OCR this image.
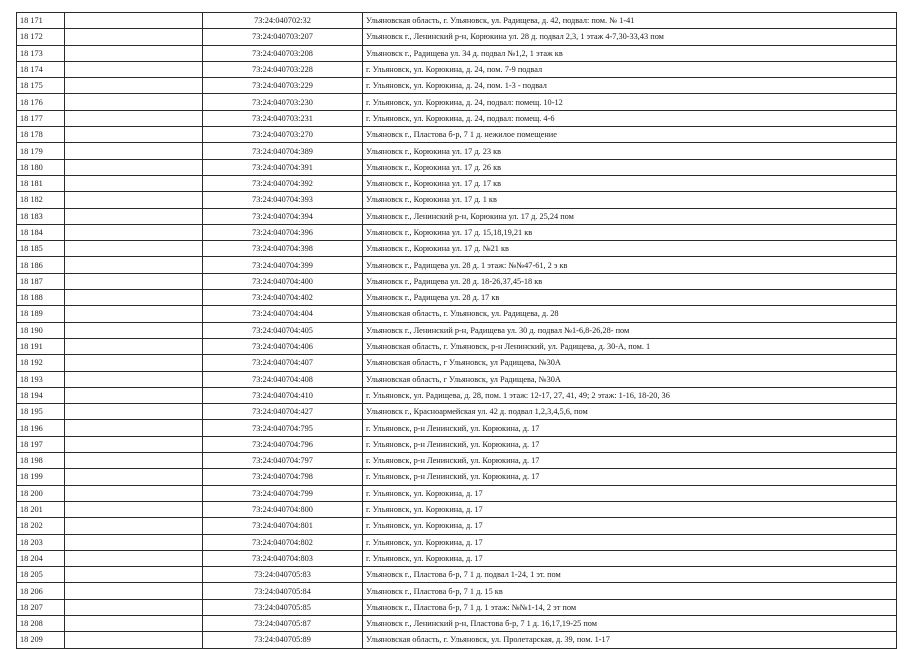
18 171		73:24:040702:32	Ульяновская область, г. Ульяновск, ул. Радищева, д. 42, подвал: пом. № 1-41
18 172		73:24:040703:207	Ульяновск г., Ленинский р-н, Корюкина ул. 28 д. подвал 2,3, 1 этаж 4-7,30-33,43 пом
18 173		73:24:040703:208	Ульяновск г., Радищева ул. 34 д. подвал №1,2, 1 этаж кв
18 174		73:24:040703:228	г. Ульяновск, ул. Корюкина, д. 24, пом. 7-9 подвал
18 175		73:24:040703:229	г. Ульяновск, ул. Корюкина, д. 24, пом. 1-3 - подвал
18 176		73:24:040703:230	г. Ульяновск, ул. Корюкина, д. 24, подвал: помещ. 10-12
18 177		73:24:040703:231	г. Ульяновск, ул. Корюкина, д. 24, подвал: помещ. 4-6
18 178		73:24:040703:270	Ульяновск г., Пластова б-р, 7 1 д. нежилое помещение
18 179		73:24:040704:389	Ульяновск г., Корюкина ул. 17 д. 23 кв
18 180		73:24:040704:391	Ульяновск г., Корюкина ул. 17 д. 26 кв
18 181		73:24:040704:392	Ульяновск г., Корюкина ул. 17 д. 17 кв
18 182		73:24:040704:393	Ульяновск г., Корюкина ул. 17 д. 1 кв
18 183		73:24:040704:394	Ульяновск г., Ленинский р-н, Корюкина ул. 17 д. 25,24 пом
18 184		73:24:040704:396	Ульяновск г., Корюкина ул. 17 д. 15,18,19,21 кв
18 185		73:24:040704:398	Ульяновск г., Корюкина ул. 17 д. №21 кв
18 186		73:24:040704:399	Ульяновск г., Радищева ул. 28 д. 1 этаж: №№47-61, 2 э кв
18 187		73:24:040704:400	Ульяновск г., Радищева ул. 28 д. 18-26,37,45-18 кв
18 188		73:24:040704:402	Ульяновск г., Радищева ул. 28 д. 17 кв
18 189		73:24:040704:404	Ульяновская область, г. Ульяновск, ул. Радищева, д. 28
18 190		73:24:040704:405	Ульяновск г., Ленинский р-н, Радищева ул. 30 д. подвал №1-6,8-26,28- пом
18 191		73:24:040704:406	Ульяновская область, г. Ульяновск, р-н Ленинский, ул. Радищева, д. 30-А, пом. 1
18 192		73:24:040704:407	Ульяновская область, г Ульяновск, ул Радищева, №30А
18 193		73:24:040704:408	Ульяновская область, г Ульяновск, ул Радищева, №30А
18 194		73:24:040704:410	г. Ульяновск, ул. Радищева, д. 28, пом. 1 этаж: 12-17, 27, 41, 49; 2 этаж: 1-16, 18-20, 36
18 195		73:24:040704:427	Ульяновск г., Красноармейская ул. 42 д. подвал 1,2,3,4,5,6, пом
18 196		73:24:040704:795	г. Ульяновск, р-н Ленинский, ул. Корюкина, д. 17
18 197		73:24:040704:796	г. Ульяновск, р-н Ленинский, ул. Корюкина, д. 17
18 198		73:24:040704:797	г. Ульяновск, р-н Ленинский, ул. Корюкина, д. 17
18 199		73:24:040704:798	г. Ульяновск, р-н Ленинский, ул. Корюкина, д. 17
18 200		73:24:040704:799	г. Ульяновск, ул. Корюкина, д. 17
18 201		73:24:040704:800	г. Ульяновск, ул. Корюкина, д. 17
18 202		73:24:040704:801	г. Ульяновск, ул. Корюкина, д. 17
18 203		73:24:040704:802	г. Ульяновск, ул. Корюкина, д. 17
18 204		73:24:040704:803	г. Ульяновск, ул. Корюкина, д. 17
18 205		73:24:040705:83	Ульяновск г., Пластова б-р, 7 1 д. подвал 1-24, 1 эт. пом
18 206		73:24:040705:84	Ульяновск г., Пластова б-р, 7 1 д. 15 кв
18 207		73:24:040705:85	Ульяновск г., Пластова б-р, 7 1 д. 1 этаж: №№1-14, 2 эт пом
18 208		73:24:040705:87	Ульяновск г., Ленинский р-н, Пластова б-р, 7 1 д. 16,17,19-25 пом
18 209		73:24:040705:89	Ульяновская область, г. Ульяновск, ул. Пролетарская, д. 39, пом. 1-17
